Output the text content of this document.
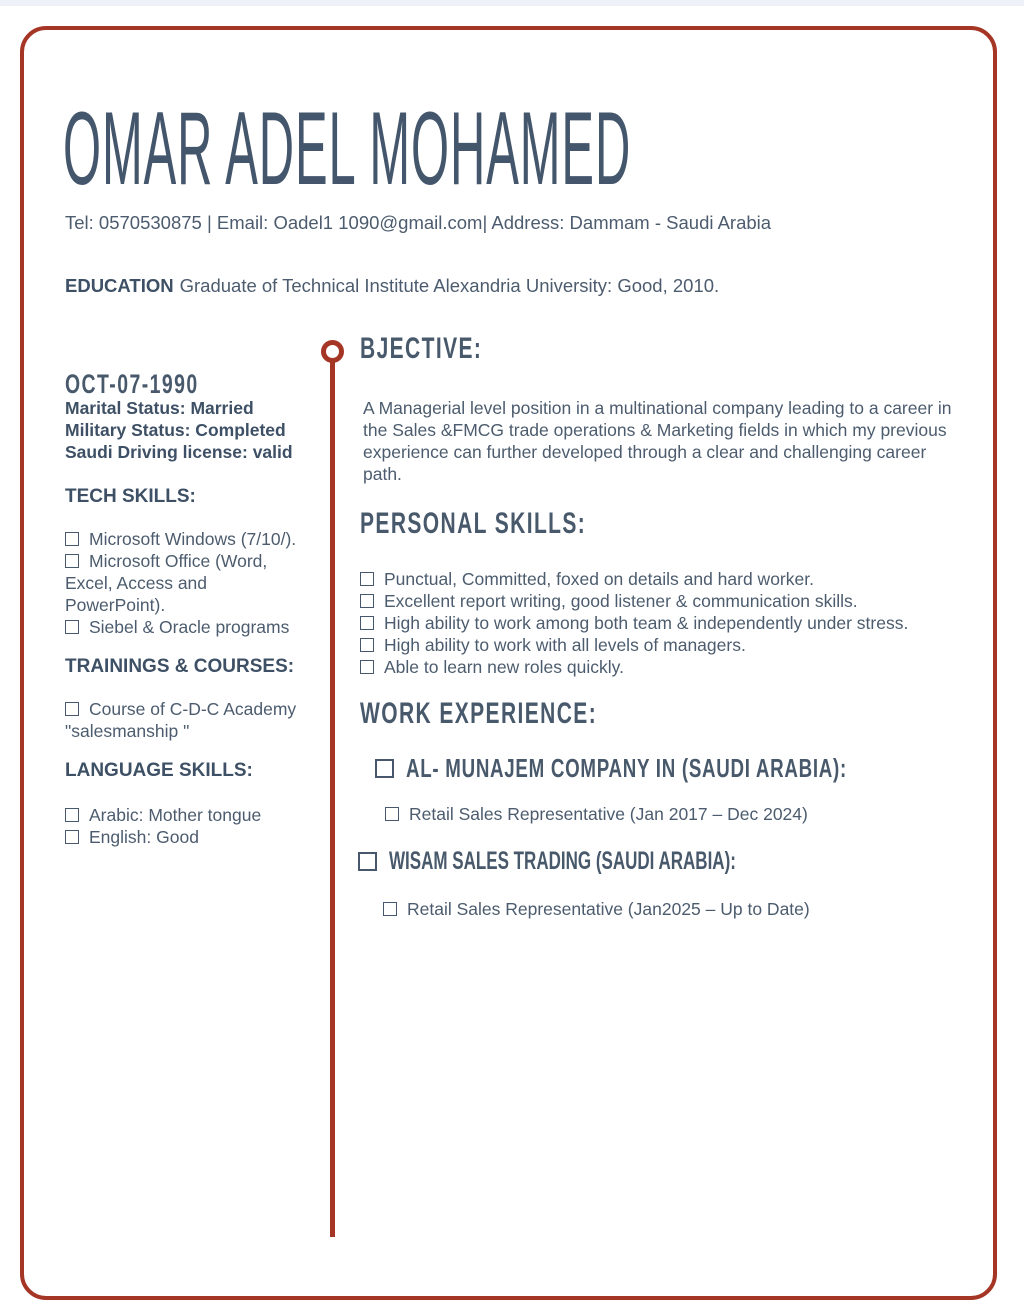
OMAR ADEL MOHAMED
Tel: 0570530875 | Email: Oadel1 1090@gmail.com| Address: Dammam - Saudi Arabia
EDUCATION Graduate of Technical Institute Alexandria University: Good, 2010.
OCT-07-1990
Marital Status: Married
Military Status: Completed
Saudi Driving license: valid
TECH SKILLS:
Microsoft Windows (7/10/).
Microsoft Office (Word, Excel, Access and PowerPoint).
Siebel & Oracle programs
TRAININGS & COURSES:
Course of C-D-C Academy "salesmanship "
LANGUAGE SKILLS:
Arabic: Mother tongue
English: Good
BJECTIVE:
A Managerial level position in a multinational company leading to a career in the Sales &FMCG trade operations & Marketing fields in which my previous experience can further developed through a clear and challenging career path.
PERSONAL SKILLS:
Punctual, Committed, foxed on details and hard worker.
Excellent report writing, good listener & communication skills.
High ability to work among both team & independently under stress.
High ability to work with all levels of managers.
Able to learn new roles quickly.
WORK EXPERIENCE:
AL- MUNAJEM COMPANY IN (SAUDI ARABIA):
Retail Sales Representative (Jan 2017 – Dec 2024)
WISAM SALES TRADING (SAUDI ARABIA):
Retail Sales Representative (Jan2025 – Up to Date)
